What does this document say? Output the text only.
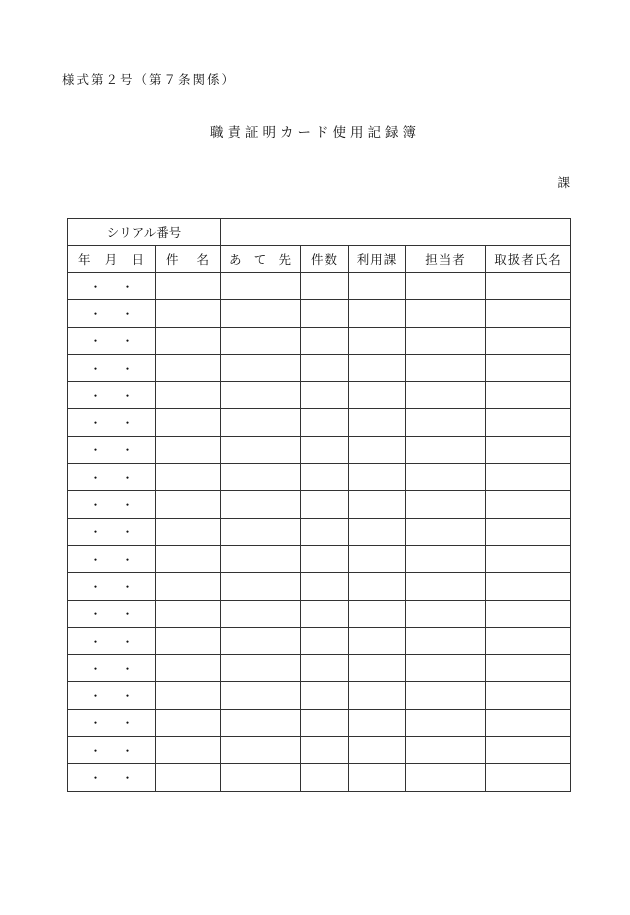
様式第２号（第７条関係）
職責証明カード使用記録簿
課
シリアル番号						

年 月 日	件 名	あ て 先	件数	利用課	担当者	取扱者氏名

・ ・						

・ ・						

・ ・						

・ ・						

・ ・						

・ ・						

・ ・						

・ ・						

・ ・						

・ ・						

・ ・						

・ ・						

・ ・						

・ ・						

・ ・						

・ ・						

・ ・						

・ ・						

・ ・						
